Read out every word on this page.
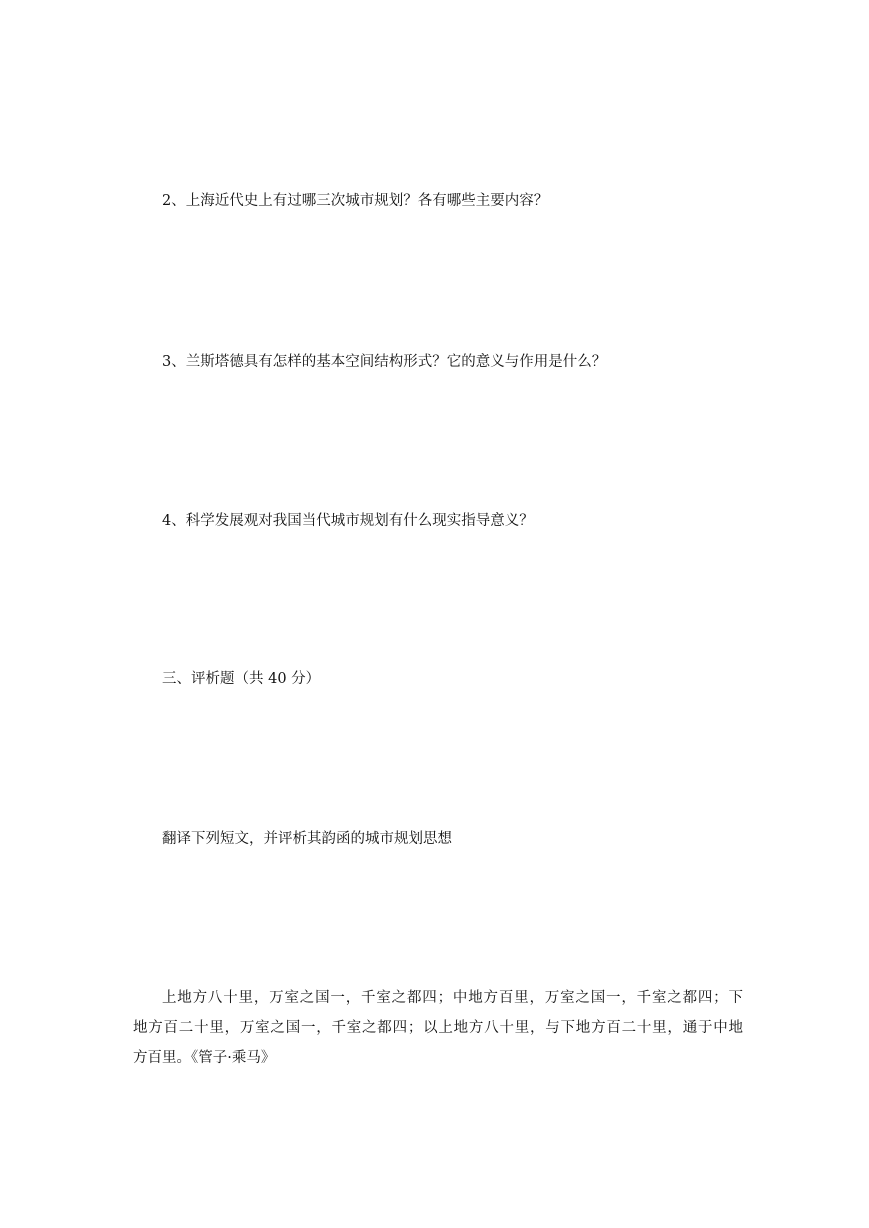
2、上海近代史上有过哪三次城市规划？各有哪些主要内容？

3、兰斯塔德具有怎样的基本空间结构形式？它的意义与作用是什么？

4、科学发展观对我国当代城市规划有什么现实指导意义？

三、评析题（共 40 分）

翻译下列短文，并评析其韵函的城市规划思想

上地方八十里，万室之国一，千室之都四；中地方百里，万室之国一，千室之都四；下
地方百二十里，万室之国一，千室之都四；以上地方八十里，与下地方百二十里，通于中地
方百里。《管子·乘马》
